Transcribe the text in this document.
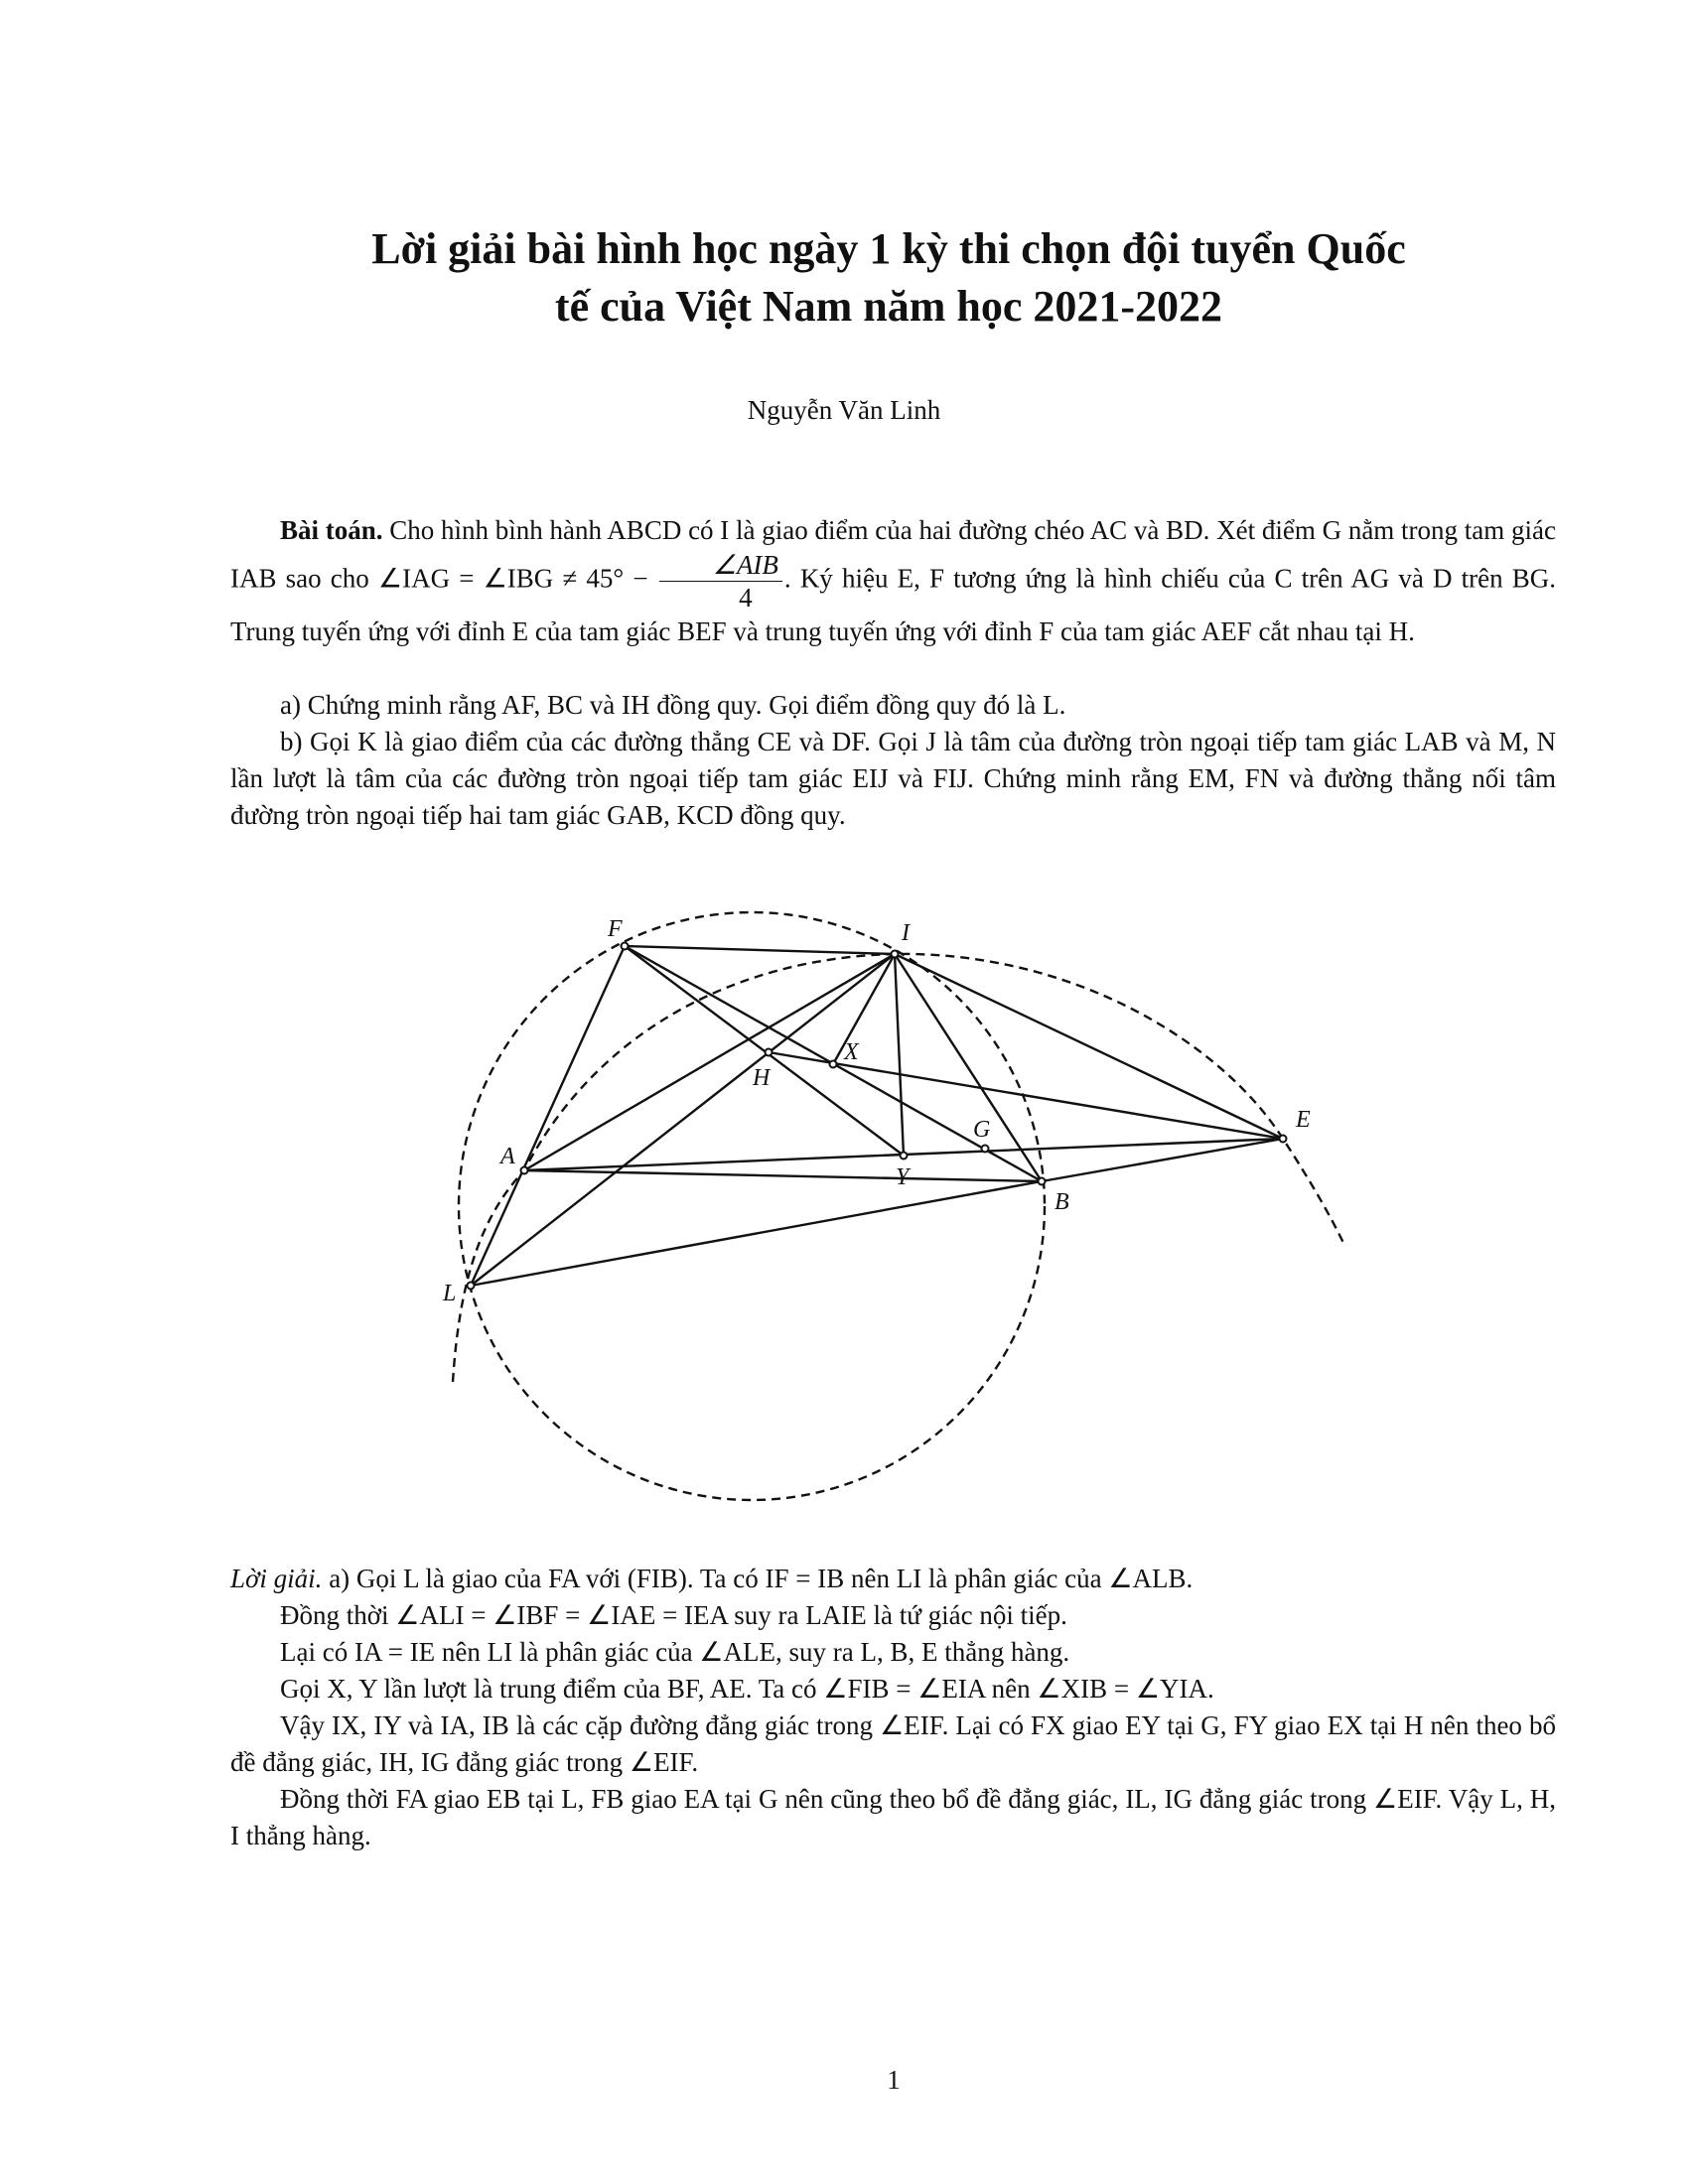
Lời giải bài hình học ngày 1 kỳ thi chọn đội tuyển Quốc
tế của Việt Nam năm học 2021-2022
Nguyễn Văn Linh
Bài toán. Cho hình bình hành ABCD có I là giao điểm của hai đường chéo AC và BD. Xét điểm G nằm trong tam giác IAB sao cho ∠IAG = ∠IBG ≠ $45^\circ - \frac{\text{∠AIB}}{4}$ . Ký hiệu E, F tương ứng là hình chiếu của C trên AG và D trên BG. Trung tuyến ứng với đỉnh E của tam giác BEF và trung tuyến ứng với đỉnh F của tam giác AEF cắt nhau tại H.
a) Chứng minh rằng AF, BC và IH đồng quy. Gọi điểm đồng quy đó là L.
b) Gọi K là giao điểm của các đường thẳng CE và DF. Gọi J là tâm của đường tròn ngoại tiếp tam giác LAB và M, N lần lượt là tâm của các đường tròn ngoại tiếp tam giác EIJ và FIJ. Chứng minh rằng EM, FN và đường thẳng nối tâm đường tròn ngoại tiếp hai tam giác GAB, KCD đồng quy.
F	I
H
X
E
G
Y
A
B
L
Lời giải. a) Gọi L là giao của FA với (FIB). Ta có IF = IB nên LI là phân giác của ∠ALB.
Đồng thời ∠ALI = ∠IBF = ∠IAE = IEA suy ra LAIE là tứ giác nội tiếp.
Lại có IA = IE nên LI là phân giác của ∠ALE, suy ra L, B, E thẳng hàng.
Gọi X, Y lần lượt là trung điểm của BF, AE. Ta có ∠FIB = ∠EIA nên ∠XIB = ∠YIA.
Vậy IX, IY và IA, IB là các cặp đường đẳng giác trong ∠EIF. Lại có FX giao EY tại G, FY giao EX tại H nên theo bổ đề đẳng giác, IH, IG đẳng giác trong ∠EIF.
Đồng thời FA giao EB tại L, FB giao EA tại G nên cũng theo bổ đề đẳng giác, IL, IG đẳng giác trong ∠EIF. Vậy L, H, I thẳng hàng.
1
